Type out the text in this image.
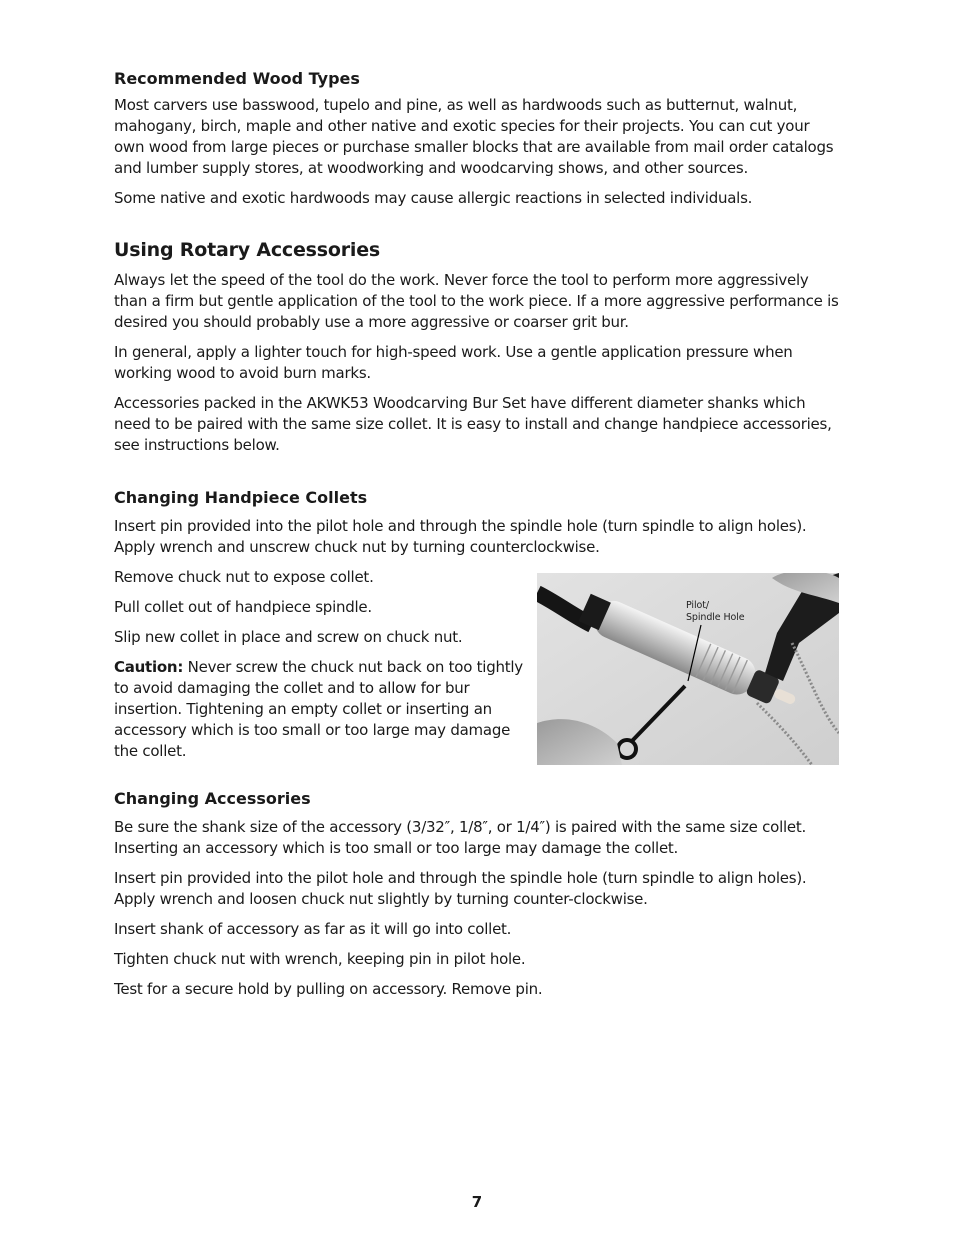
Recommended Wood Types

Most carvers use basswood, tupelo and pine, as well as hardwoods such as butternut, walnut, mahogany, birch, maple and other native and exotic species for their projects. You can cut your own wood from large pieces or purchase smaller blocks that are available from mail order catalogs and lumber supply stores, at woodworking and woodcarving shows, and other sources.

Some native and exotic hardwoods may cause allergic reactions in selected individuals.

Using Rotary Accessories

Always let the speed of the tool do the work. Never force the tool to perform more aggressively than a firm but gentle application of the tool to the work piece. If a more aggressive performance is desired you should probably use a more aggressive or coarser grit bur.

In general, apply a lighter touch for high-speed work. Use a gentle application pressure when working wood to avoid burn marks.

Accessories packed in the AKWK53 Woodcarving Bur Set have different diameter shanks which need to be paired with the same size collet. It is easy to install and change handpiece accessories, see instructions below.

Changing Handpiece Collets

Insert pin provided into the pilot hole and through the spindle hole (turn spindle to align holes). Apply wrench and unscrew chuck nut by turning counterclockwise.

Remove chuck nut to expose collet.

Pull collet out of handpiece spindle.

Slip new collet in place and screw on chuck nut.

Caution: Never screw the chuck nut back on too tightly to avoid damaging the collet and to allow for bur insertion. Tightening an empty collet or inserting an accessory which is too small or too large may damage the collet.

Pilot/
Spindle Hole
Changing Accessories

Be sure the shank size of the accessory (3/32″, 1/8″, or 1/4″) is paired with the same size collet. Inserting an accessory which is too small or too large may damage the collet.

Insert pin provided into the pilot hole and through the spindle hole (turn spindle to align holes). Apply wrench and loosen chuck nut slightly by turning counter-clockwise.

Insert shank of accessory as far as it will go into collet.

Tighten chuck nut with wrench, keeping pin in pilot hole.

Test for a secure hold by pulling on accessory. Remove pin.

7
